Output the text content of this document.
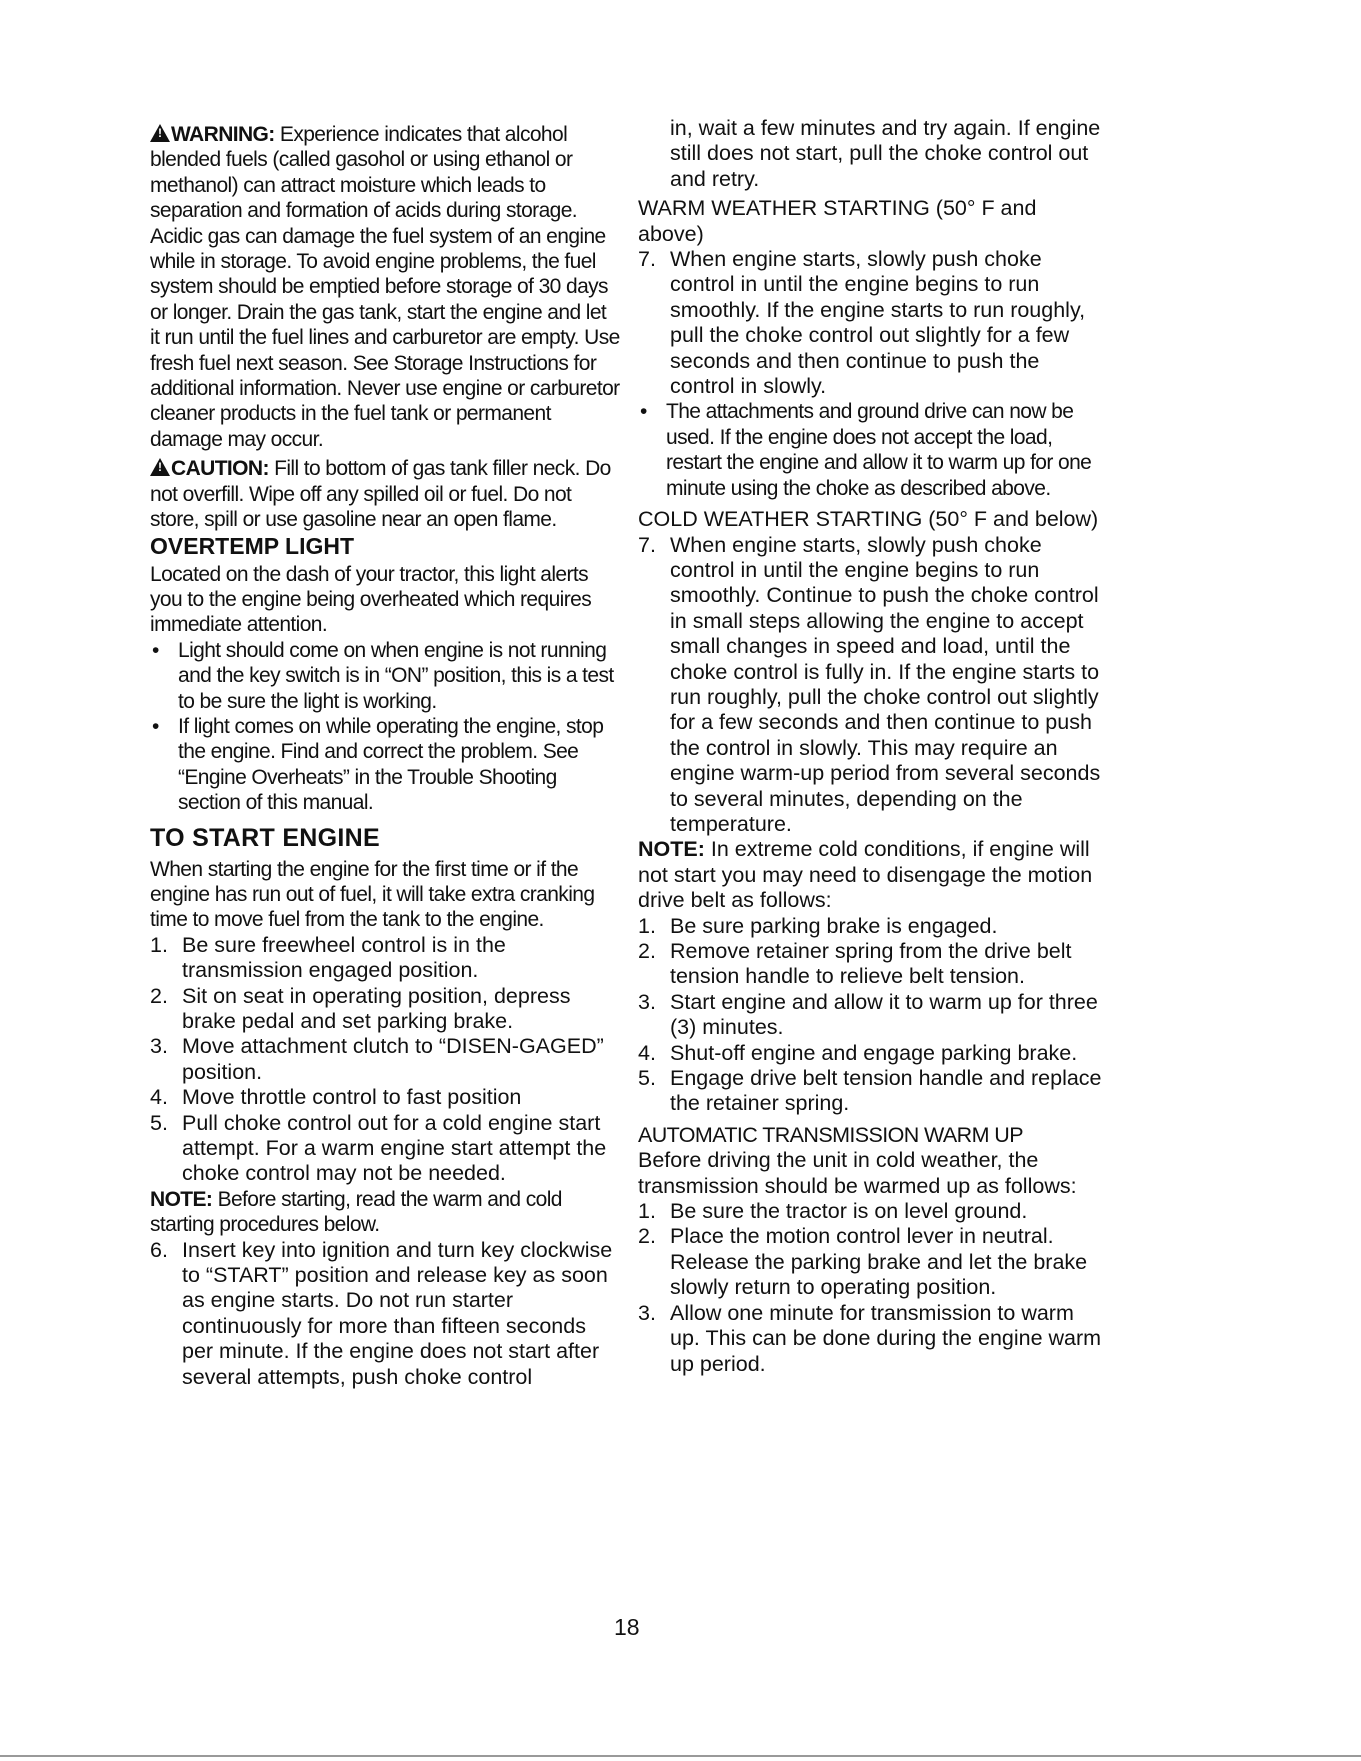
!WARNING: Experience indicates that alcohol blended fuels (called gasohol or using ethanol or methanol) can attract moisture which leads to separation and formation of acids during storage. Acidic gas can damage the fuel system of an engine while in storage. To avoid engine problems, the fuel system should be emptied before storage of 30 days or longer. Drain the gas tank, start the engine and let it run until the fuel lines and carburetor are empty. Use fresh fuel next season. See Storage Instructions for additional information. Never use engine or carburetor cleaner products in the fuel tank or permanent damage may occur.

!CAUTION: Fill to bottom of gas tank filler neck. Do not overfill. Wipe off any spilled oil or fuel. Do not store, spill or use gasoline near an open flame.

OVERTEMP LIGHT

Located on the dash of your tractor, this light alerts you to the engine being overheated which requires immediate attention.

• Light should come on when engine is not running and the key switch is in “ON” position, this is a test to be sure the light is working.
• If light comes on while operating the engine, stop the engine. Find and correct the problem. See “Engine Overheats” in the Trouble Shooting section of this manual.
TO START ENGINE

When starting the engine for the first time or if the engine has run out of fuel, it will take extra cranking time to move fuel from the tank to the engine.

1. Be sure freewheel control is in the transmission engaged position.
2. Sit on seat in operating position, depress brake pedal and set parking brake.
3. Move attachment clutch to “DISEN-GAGED” position.
4. Move throttle control to fast position
5. Pull choke control out for a cold engine start attempt. For a warm engine start attempt the choke control may not be needed.

NOTE: Before starting, read the warm and cold starting procedures below.

6. Insert key into ignition and turn key clockwise to “START” position and release key as soon as engine starts. Do not run starter continuously for more than fifteen seconds per minute. If the engine does not start after several attempts, push choke control
in, wait a few minutes and try again. If engine still does not start, pull the choke control out and retry.

WARM WEATHER STARTING (50° F and above)

7. When engine starts, slowly push choke control in until the engine begins to run smoothly. If the engine starts to run roughly, pull the choke control out slightly for a few seconds and then continue to push the control in slowly.
• The attachments and ground drive can now be used. If the engine does not accept the load, restart the engine and allow it to warm up for one minute using the choke as described above.

COLD WEATHER STARTING (50° F and below)

7. When engine starts, slowly push choke control in until the engine begins to run smoothly. Continue to push the choke control in small steps allowing the engine to accept small changes in speed and load, until the choke control is fully in. If the engine starts to run roughly, pull the choke control out slightly for a few seconds and then continue to push the control in slowly. This may require an engine warm-up period from several seconds to several minutes, depending on the temperature.

NOTE: In extreme cold conditions, if engine will not start you may need to disengage the motion drive belt as follows:

1. Be sure parking brake is engaged.
2. Remove retainer spring from the drive belt tension handle to relieve belt tension.
3. Start engine and allow it to warm up for three (3) minutes.
4. Shut-off engine and engage parking brake.
5. Engage drive belt tension handle and replace the retainer spring.

AUTOMATIC TRANSMISSION WARM UP

Before driving the unit in cold weather, the transmission should be warmed up as follows:

1. Be sure the tractor is on level ground.
2. Place the motion control lever in neutral. Release the parking brake and let the brake slowly return to operating position.
3. Allow one minute for transmission to warm up. This can be done during the engine warm up period.
18
